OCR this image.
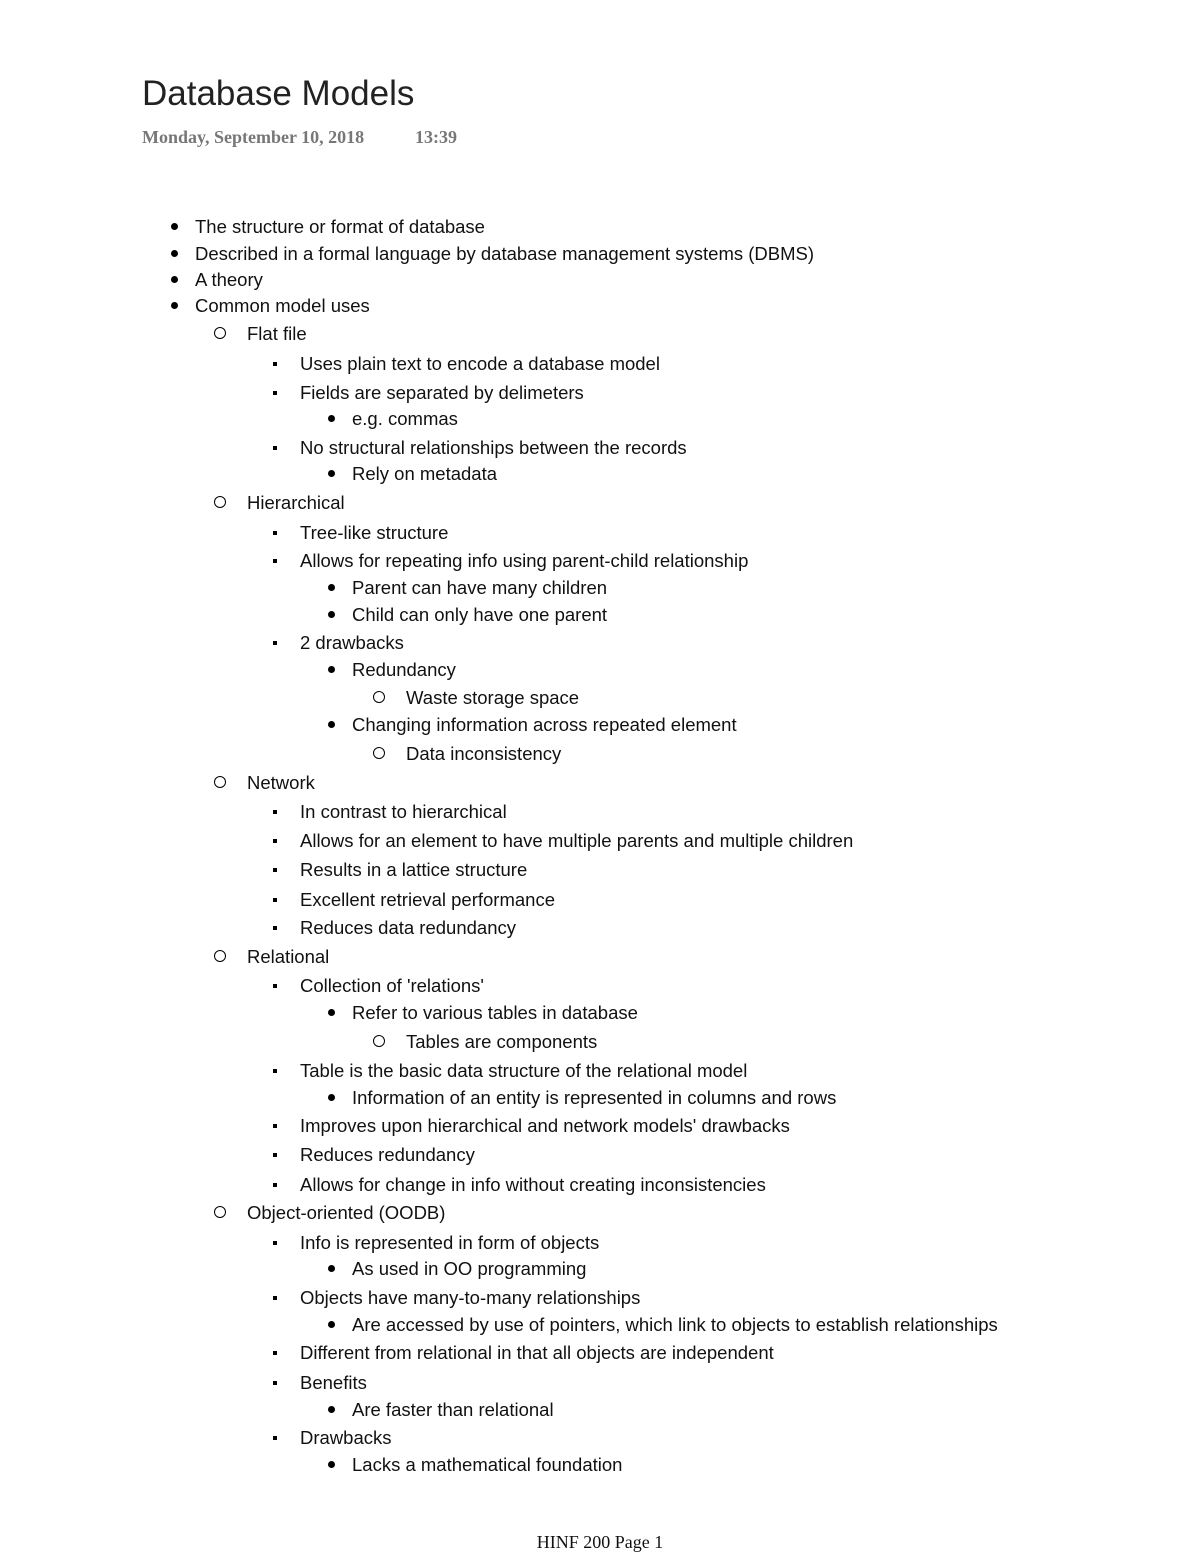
Database Models
Monday, September 10, 2018	13:39
The structure or format of database
Described in a formal language by database management systems (DBMS)
A theory
Common model uses
Flat file
Uses plain text to encode a database model
Fields are separated by delimeters
e.g. commas
No structural relationships between the records
Rely on metadata
Hierarchical
Tree-like structure
Allows for repeating info using parent-child relationship
Parent can have many children
Child can only have one parent
2 drawbacks
Redundancy
Waste storage space
Changing information across repeated element
Data inconsistency
Network
In contrast to hierarchical
Allows for an element to have multiple parents and multiple children
Results in a lattice structure
Excellent retrieval performance
Reduces data redundancy
Relational
Collection of 'relations'
Refer to various tables in database
Tables are components
Table is the basic data structure of the relational model
Information of an entity is represented in columns and rows
Improves upon hierarchical and network models' drawbacks
Reduces redundancy
Allows for change in info without creating inconsistencies
Object-oriented (OODB)
Info is represented in form of objects
As used in OO programming
Objects have many-to-many relationships
Are accessed by use of pointers, which link to objects to establish relationships
Different from relational in that all objects are independent
Benefits
Are faster than relational
Drawbacks
Lacks a mathematical foundation
HINF 200 Page 1
